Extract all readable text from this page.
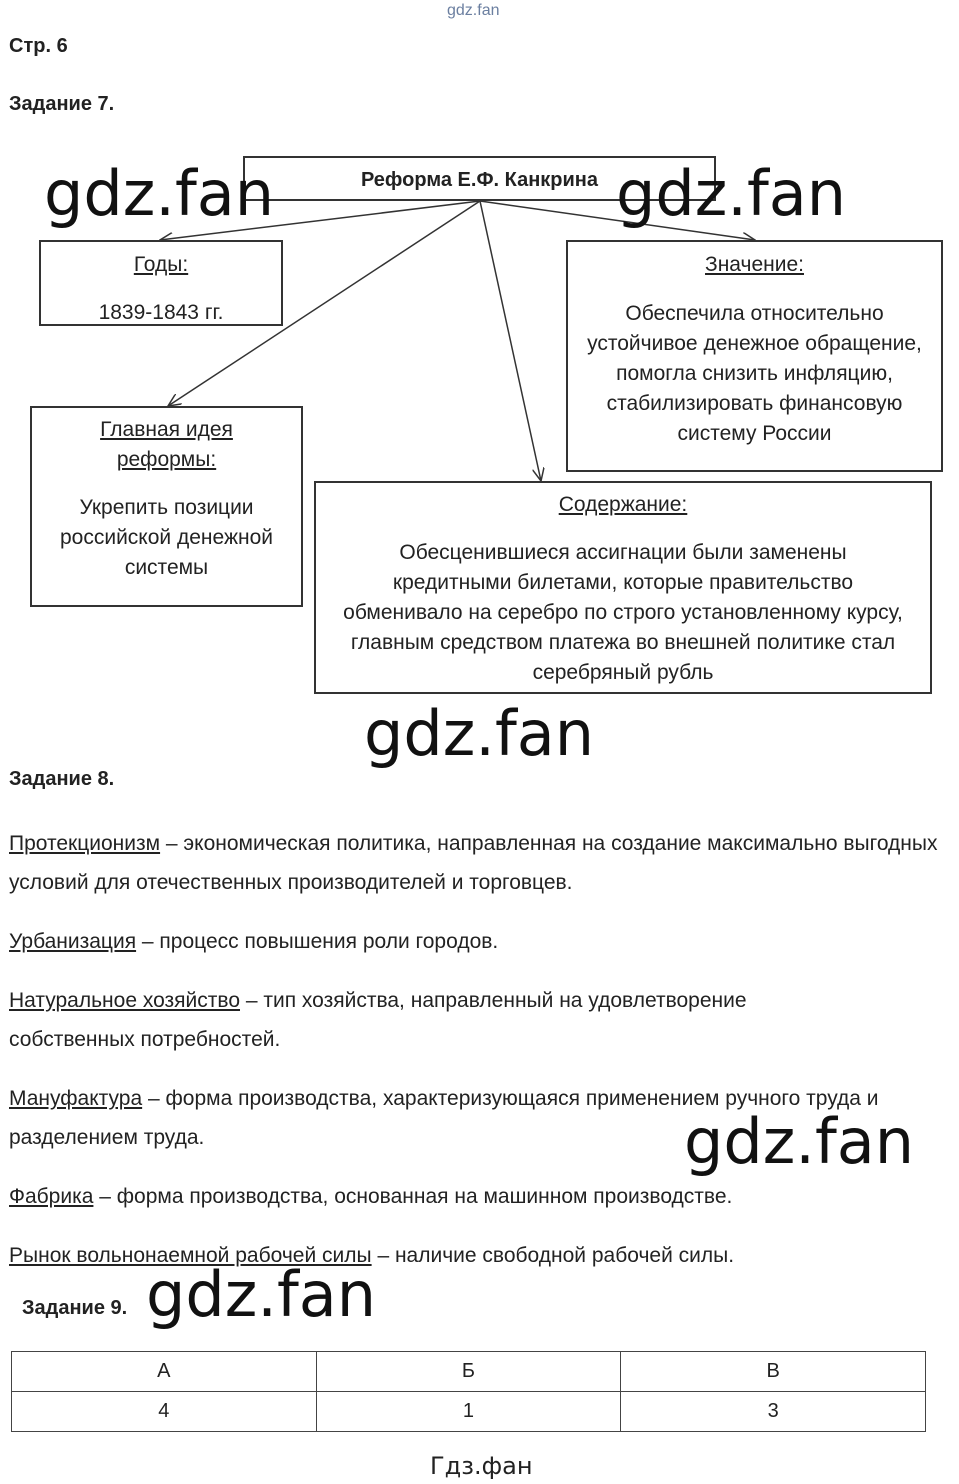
gdz.fan
Стр. 6
Задание 7.
Реформа Е.Ф. Канкрина
Годы:
1839-1843 гг.
Значение:
Обеспечила относительно устойчивое денежное обращение, помогла снизить инфляцию, стабилизировать финансовую систему России
Главная идея реформы:
Укрепить позиции российской денежной системы
Содержание:
Обесценившиеся ассигнации были заменены кредитными билетами, которые правительство обменивало на серебро по строго установленному курсу, главным средством платежа во внешней политике стал серебряный рубль
gdz.fan	gdz.fan
gdz.fan
Задание 8.
Протекционизм – экономическая политика, направленная на создание максимально выгодных условий для отечественных производителей и торговцев.
Урбанизация – процесс повышения роли городов.
Натуральное хозяйство – тип хозяйства, направленный на удовлетворение собственных потребностей.
Мануфактура – форма производства, характеризующаяся применением ручного труда и разделением труда.
Фабрика – форма производства, основанная на машинном производстве.
Рынок вольнонаемной рабочей силы – наличие свободной рабочей силы.
gdz.fan
Задание 9. gdz.fan
А	Б	В
4	1	3
Гдз.фан
